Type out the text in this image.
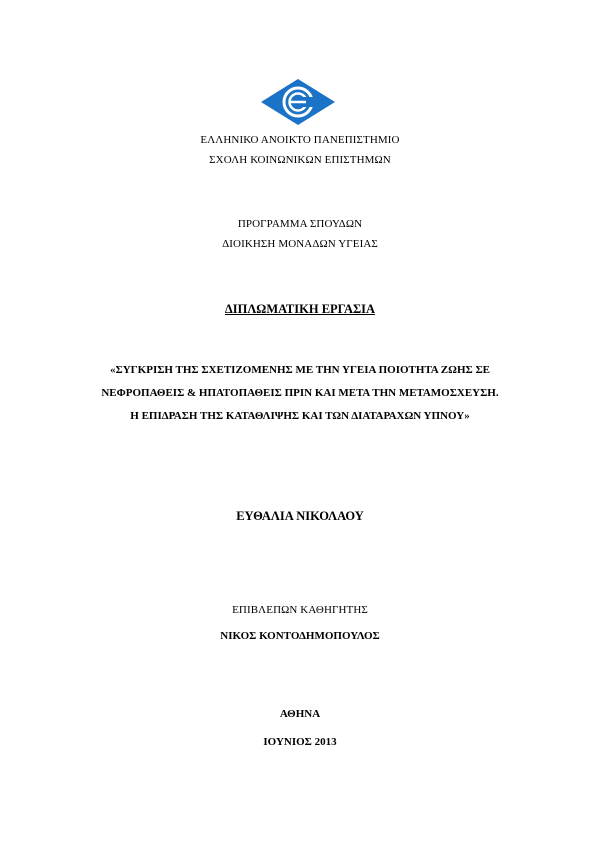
ΕΛΛΗΝΙΚΟ ΑΝΟΙΚΤΟ ΠΑΝΕΠΙΣΤΗΜΙΟ
ΣΧΟΛΗ ΚΟΙΝΩΝΙΚΩΝ ΕΠΙΣΤΗΜΩΝ
ΠΡΟΓΡΑΜΜΑ ΣΠΟΥΔΩΝ
ΔΙΟΙΚΗΣΗ ΜΟΝΑΔΩΝ ΥΓΕΙΑΣ
ΔΙΠΛΩΜΑΤΙΚΗ ΕΡΓΑΣΙΑ
«ΣΥΓΚΡΙΣΗ ΤΗΣ ΣΧΕΤΙΖΟΜΕΝΗΣ ΜΕ ΤΗΝ ΥΓΕΙΑ ΠΟΙΟΤΗΤΑ ΖΩΗΣ ΣΕ
ΝΕΦΡΟΠΑΘΕΙΣ & ΗΠΑΤΟΠΑΘΕΙΣ ΠΡΙΝ ΚΑΙ ΜΕΤΑ ΤΗΝ ΜΕΤΑΜΟΣΧΕΥΣΗ.
Η ΕΠΙΔΡΑΣΗ ΤΗΣ ΚΑΤΑΘΛΙΨΗΣ ΚΑΙ ΤΩΝ ΔΙΑΤΑΡΑΧΩΝ ΥΠΝΟΥ»
ΕΥΘΑΛΙΑ ΝΙΚΟΛΑΟΥ
ΕΠΙΒΛΕΠΩΝ ΚΑΘΗΓΗΤΗΣ
ΝΙΚΟΣ ΚΟΝΤΟΔΗΜΟΠΟΥΛΟΣ
ΑΘΗΝΑ
ΙΟΥΝΙΟΣ 2013
